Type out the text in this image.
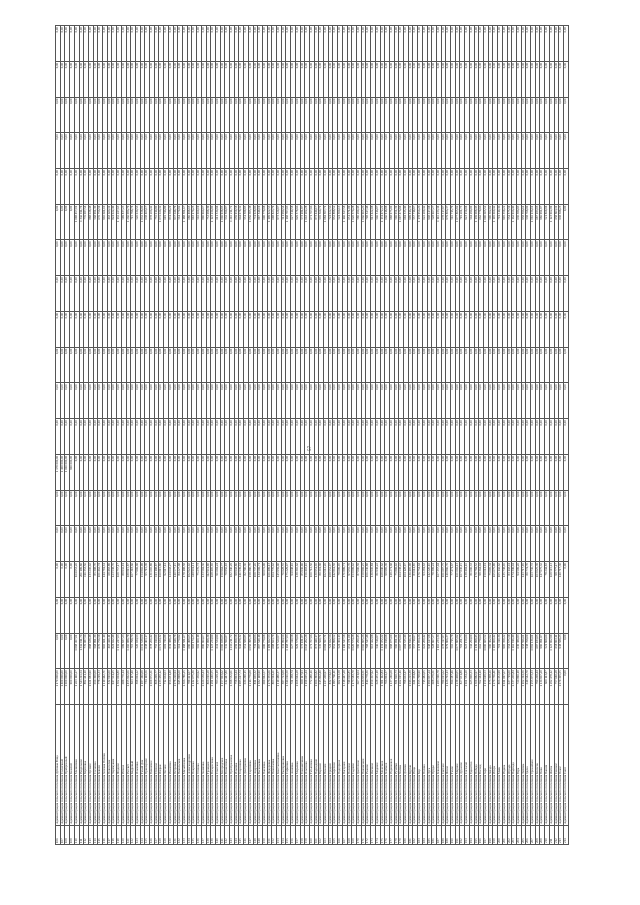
106	Администрация сельского поселения Дубовая Роща	1 170 000,00	0,00	0,00	0,00	0,00	0,00	1 170 000,00	0,00	0,00	0,00	0,00	0,00	0,00	0,00	0,00	0,00	0,00	0,00	0,00
107	Администрация сельского поселения Солнечный	1 400 000,00	0,00	0,00	0,00	0,00	0,00	1 400 000,00	0,00	0,00	0,00	0,00	0,00	0,00	0,00	0,00	0,00	0,00	0,00	0,00
108	Администрация сельского поселения Прибрежный	1 000 000,00	0,00	0,00	0,00	0,00	0,00	1 000 000,00	0,00	0,00	0,00	0,00	0,00	0,00	0,00	0,00	0,00	0,00	0,00	0,00
109	Администрация сельского поселения Казачий	900 000,00	0,00	0,00	0,00	0,00	0,00	900 000,00	0,00	0,00	0,00	0,00	0,00	0,00	0,00	0,00	0,00	0,00	0,00	0,00
110	Администрация сельского поселения Малиновка	1 263 110,27	1 098 457,01	0,00	164 653,26	0,00	0,00	0,00	0,00	0,00	0,00	0,00	0,00	0,00	1 098 457,01	0,00	0,00	0,00	0,00	0,00
111	Администрация сельского поселения Раздольное	1 543 211,54	1 342 011,74	0,00	201 199,80	0,00	0,00	0,00	0,00	0,00	0,00	0,00	0,00	0,00	1 342 011,74	0,00	0,00	0,00	0,00	0,00
112	Администрация сельского поселения Березовка	892 441,10	776 087,54	0,00	116 353,56	0,00	0,00	0,00	0,00	0,00	0,00	0,00	0,00	0,00	776 087,54	0,00	0,00	0,00	0,00	0,00
113	Администрация сельского поселения Луговое	1 021 883,90	888 638,48	0,00	133 245,42	0,00	0,00	0,00	0,00	0,00	0,00	0,00	0,00	0,00	888 638,48	0,00	0,00	0,00	0,00	0,00
114	Администрация сельского поселения Сосновка	654 300,00	568 991,30	0,00	85 308,70	0,00	0,00	0,00	0,00	0,00	0,00	0,00	0,00	0,00	568 991,30	0,00	0,00	0,00	0,00	0,00
115	Администрация сельского поселения Ключи	778 219,33	676 756,59	0,00	101 462,74	0,00	0,00	0,00	0,00	0,00	0,00	0,00	0,00	0,00	676 756,59	0,00	0,00	0,00	0,00	0,00
116	Администрация сельского поселения Зеленая Поляна	1 110 442,71	965 661,10	0,00	144 781,61	0,00	0,00	0,00	0,00	0,00	0,00	0,00	0,00	0,00	965 661,10	0,00	0,00	0,00	0,00	0,00
117	Администрация сельского поселения Новоселки	532 910,00	463 426,11	0,00	69 483,89	0,00	0,00	0,00	0,00	0,00	0,00	0,00	0,00	0,00	463 426,11	0,00	0,00	0,00	0,00	0,00
118	Администрация сельского поселения Черемушки	947 561,25	824 022,49	0,00	123 538,76	0,00	0,00	0,00	0,00	0,00	0,00	0,00	0,00	0,00	824 022,49	0,00	0,00	0,00	0,00	0,00
119	Администрация сельского поселения Ягодное	1 302 004,80	1 132 247,63	0,00	169 757,17	0,00	0,00	0,00	0,00	0,00	0,00	0,00	0,00	0,00	1 132 247,63	0,00	0,00	0,00	0,00	0,00
120	Администрация сельского поселения Речное	689 770,14	599 837,23	0,00	89 932,91	0,00	0,00	0,00	0,00	0,00	0,00	0,00	0,00	0,00	599 837,23	0,00	0,00	0,00	0,00	0,00
121	Администрация сельского поселения Рассвет	1 455 902,66	1 266 086,79	0,00	189 815,87	0,00	0,00	0,00	0,00	0,00	0,00	0,00	0,00	0,00	1 266 086,79	0,00	0,00	0,00	0,00	0,00
122	Администрация сельского поселения Кедровый	823 117,40	715 798,74	0,00	107 318,66	0,00	0,00	0,00	0,00	0,00	0,00	0,00	0,00	0,00	715 798,74	0,00	0,00	0,00	0,00	0,00
123	Администрация сельского поселения Ольховка	598 004,22	520 034,53	0,00	77 969,69	0,00	0,00	0,00	0,00	0,00	0,00	0,00	0,00	0,00	520 034,53	0,00	0,00	0,00	0,00	0,00
124	Администрация сельского поселения Тихий Дон	1 187 340,09	1 032 538,00	0,00	154 802,09	0,00	0,00	0,00	0,00	0,00	0,00	0,00	0,00	0,00	1 032 538,00	0,00	0,00	0,00	0,00	0,00
125	Администрация сельского поселения Приозерное	734 118,56	638 403,17	0,00	95 715,39	0,00	0,00	0,00	0,00	0,00	0,00	0,00	0,00	0,00	638 403,17	0,00	0,00	0,00	0,00	0,00
126	Администрация сельского поселения Вишневое	1 009 872,31	878 206,42	0,00	131 665,89	0,00	0,00	0,00	0,00	0,00	0,00	0,00	0,00	0,00	878 206,42	0,00	0,00	0,00	0,00	0,00
127	Администрация сельского поселения Степное	868 209,77	755 010,90	0,00	113 198,87	0,00	0,00	0,00	0,00	0,00	0,00	0,00	0,00	0,00	755 010,90	0,00	0,00	0,00	0,00	0,00
128	Администрация сельского поселения Озерки	1 233 450,12	1 072 634,32	0,00	160 815,80	0,00	0,00	0,00	0,00	0,00	0,00	0,00	0,00	0,00	1 072 634,32	0,00	0,00	0,00	0,00	0,00
129	Администрация сельского поселения Лесное	712 664,03	619 746,89	0,00	92 917,14	0,00	0,00	0,00	0,00	0,00	0,00	0,00	0,00	0,00	619 746,89	0,00	0,00	0,00	0,00	0,00
130	Администрация сельского поселения Ивановка	956 031,48	831 388,21	0,00	124 643,27	0,00	0,00	0,00	0,00	0,00	0,00	0,00	0,00	0,00	831 388,21	0,00	0,00	0,00	0,00	0,00
131	Администрация сельского поселения Петровка	1 078 226,94	937 649,79	0,00	140 577,15	0,00	0,00	0,00	0,00	0,00	0,00	0,00	0,00	0,00	937 649,79	0,00	0,00	0,00	0,00	0,00
132	Администрация сельского поселения Никольское	645 998,60	561 770,92	0,00	84 227,68	0,00	0,00	0,00	0,00	0,00	0,00	0,00	0,00	0,00	561 770,92	0,00	0,00	0,00	0,00	0,00
133	Администрация сельского поселения Михайловка	1 366 780,25	1 188 581,67	0,00	178 198,58	0,00	0,00	0,00	0,00	0,00	0,00	0,00	0,00	0,00	1 188 581,67	0,00	0,00	0,00	0,00	0,00
134	Администрация сельского поселения Александровка	789 421,07	686 498,65	0,00	102 922,42	0,00	0,00	0,00	0,00	0,00	0,00	0,00	0,00	0,00	686 498,65	0,00	0,00	0,00	0,00	0,00
135	Администрация сельского поселения Покровка	1 142 075,36	993 174,25	0,00	148 901,11	0,00	0,00	0,00	0,00	0,00	0,00	0,00	0,00	0,00	993 174,25	0,00	0,00	0,00	0,00	0,00
136	Администрация сельского поселения Успенка	577 336,92	502 060,19	0,00	75 276,73	0,00	0,00	0,00	0,00	0,00	0,00	0,00	0,00	0,00	502 060,19	0,00	0,00	0,00	0,00	0,00
137	Администрация сельского поселения Знаменка	1 024 558,43	890 964,07	0,00	133 594,36	0,00	0,00	0,00	0,00	0,00	0,00	0,00	0,00	0,00	890 964,07	0,00	0,00	0,00	0,00	0,00
138	Администрация сельского поселения Троицкое	866 010,29	753 098,39	0,00	112 911,90	0,00	0,00	0,00	0,00	0,00	0,00	0,00	0,00	0,00	753 098,39	0,00	0,00	0,00	0,00	0,00
139	Администрация сельского поселения Воскресенка	1 291 640,55	1 123 234,90	0,00	168 405,65	0,00	0,00	0,00	0,00	0,00	0,00	0,00	0,00	0,00	1 123 234,90	0,00	0,00	0,00	0,00	0,00
140	Администрация сельского поселения Спасское	703 229,18	611 534,94	0,00	91 694,24	0,00	0,00	0,00	0,00	0,00	0,00	0,00	0,00	0,00	611 534,94	0,00	0,00	0,00	0,00	0,00
141	Администрация сельского поселения Богородское	1 157 903,62	1 006 938,85	0,00	150 964,77	0,00	0,00	0,00	0,00	0,00	0,00	0,00	0,00	0,00	1 006 938,85	0,00	0,00	0,00	0,00	0,00
142	Администрация сельского поселения Вознесенка	612 447,80	532 590,87	0,00	79 856,93	0,00	0,00	0,00	0,00	0,00	0,00	0,00	0,00	0,00	532 590,87	0,00	0,00	0,00	0,00	0,00
143	Администрация сельского поселения Преображенка	1 398 552,01	1 216 211,72	0,00	182 340,29	0,00	0,00	0,00	0,00	0,00	0,00	0,00	0,00	0,00	1 216 211,72	0,00	0,00	0,00	0,00	0,00
144	Администрация сельского поселения Ильинка	758 903,44	659 959,58	0,00	98 943,86	0,00	0,00	0,00	0,00	0,00	0,00	0,00	0,00	0,00	659 959,58	0,00	0,00	0,00	0,00	0,00
145	Администрация сельского поселения Георгиевка	1 085 617,73	944 078,32	0,00	141 539,41	0,00	0,00	0,00	0,00	0,00	0,00	0,00	0,00	0,00	944 078,32	0,00	0,00	0,00	0,00	0,00
146	Администрация сельского поселения Дмитриевка	634 290,15	551 589,85	0,00	82 700,30	0,00	0,00	0,00	0,00	0,00	0,00	0,00	0,00	0,00	551 589,85	0,00	0,00	0,00	0,00	0,00
147	Администрация сельского поселения Сергиевка	1 214 776,08	1 056 395,38	0,00	158 380,70	0,00	0,00	0,00	0,00	0,00	0,00	0,00	0,00	0,00	1 056 395,38	0,00	0,00	0,00	0,00	0,00
148	Администрация сельского поселения Андреевка	841 665,32	731 928,06	0,00	109 737,26	0,00	0,00	0,00	0,00	0,00	0,00	0,00	0,00	0,00	731 928,06	0,00	0,00	0,00	0,00	0,00
149	Администрация сельского поселения Васильевка	1 032 118,90	897 549,19	0,00	134 569,71	0,00	0,00	0,00	0,00	0,00	0,00	0,00	0,00	0,00	897 549,19	0,00	0,00	0,00	0,00	0,00
150	Администрация сельского поселения Павловка	690 842,57	600 770,08	0,00	90 072,49	0,00	0,00	0,00	0,00	0,00	0,00	0,00	0,00	0,00	600 770,08	0,00	0,00	0,00	0,00	0,00
151	Администрация сельского поселения Федоровка	1 276 331,66	1 109 922,53	0,00	166 409,13	0,00	0,00	0,00	0,00	0,00	0,00	0,00	0,00	0,00	1 109 922,53	0,00	0,00	0,00	0,00	0,00
152	Администрация сельского поселения Николаевка	803 594,21	698 823,79	0,00	104 770,42	0,00	0,00	0,00	0,00	0,00	0,00	0,00	0,00	0,00	698 823,79	0,00	0,00	0,00	0,00	0,00
153	Администрация сельского поселения Константиновка	1 119 480,37	973 520,97	0,00	145 959,40	0,00	0,00	0,00	0,00	0,00	0,00	0,00	0,00	0,00	973 520,97	0,00	0,00	0,00	0,00	0,00
154	Администрация сельского поселения Екатериновка	587 723,09	511 094,54	0,00	76 628,55	0,00	0,00	0,00	0,00	0,00	0,00	0,00	0,00	0,00	511 094,54	0,00	0,00	0,00	0,00	0,00
155	Администрация сельского поселения Софиевка	1 344 016,50	1 168 787,03	0,00	175 229,47	0,00	0,00	0,00	0,00	0,00	0,00	0,00	0,00	0,00	1 168 787,03	0,00	0,00	0,00	0,00	0,00
156	Администрация сельского поселения Анновка	721 358,74	627 310,58	0,00	94 048,16	0,00	0,00	0,00	0,00	0,00	0,00	0,00	0,00	0,00	627 310,58	0,00	0,00	0,00	0,00	0,00
157	Администрация сельского поселения Марьевка	1 068 944,28	929 578,66	0,00	139 365,62	0,00	0,00	0,00	0,00	0,00	0,00	0,00	0,00	0,00	929 578,66	0,00	0,00	0,00	0,00	0,00
158	Администрация сельского поселения Елизаветинка	659 117,93	573 181,87	0,00	85 936,06	0,00	0,00	0,00	0,00	0,00	0,00	0,00	0,00	0,00	573 181,87	0,00	0,00	0,00	0,00	0,00
159	Администрация сельского поселения Ольгинка	1 199 605,44	1 043 202,28	0,00	156 403,16	0,00	0,00	0,00	0,00	0,00	0,00	0,00	0,00	0,00	1 043 202,28	0,00	0,00	0,00	0,00	0,00
160	Администрация сельского поселения Татьяновка	772 480,16	671 767,66	0,00	100 712,50	0,00	0,00	0,00	0,00	0,00	0,00	0,00	0,00	0,00	671 767,66	0,00	0,00	0,00	0,00	0,00
161	Администрация сельского поселения Надеждино	1 004 391,82	873 440,17	0,00	130 951,65	0,00	0,00	0,00	0,00	0,00	0,00	0,00	0,00	0,00	873 440,17	0,00	0,00	0,00	0,00	0,00
162	Администрация сельского поселения Верхнее	615 862,40	535 560,71	0,00	80 301,69	0,00	0,00	0,00	0,00	0,00	0,00	0,00	0,00	0,00	535 560,71	0,00	0,00	0,00	0,00	0,00
163	Администрация сельского поселения Нижнее	1 247 209,97	1 084 597,71	0,00	162 612,26	0,00	0,00	0,00	0,00	0,00	0,00	0,00	0,00	0,00	1 084 597,71	0,00	0,00	0,00	0,00	0,00
164	Администрация сельского поселения Среднее	832 574,63	724 022,56	0,00	108 552,07	0,00	0,00	0,00	0,00	0,00	0,00	0,00	0,00	0,00	724 022,56	0,00	0,00	0,00	0,00	0,00
165	Администрация сельского поселения Заречное	1 095 760,11	952 898,52	0,00	142 861,59	0,00	0,00	0,00	0,00	0,00	0,00	0,00	0,00	0,00	952 898,52	0,00	0,00	0,00	0,00	0,00
166	Администрация сельского поселения Подгорное	602 913,58	524 304,13	0,00	78 609,45	0,00	0,00	0,00	0,00	0,00	0,00	0,00	0,00	0,00	524 304,13	0,00	0,00	0,00	0,00	0,00
167	Администрация сельского поселения Нагорное	1 318 447,29	1 146 547,58	0,00	171 899,71	0,00	0,00	0,00	0,00	0,00	0,00	0,00	0,00	0,00	1 146 547,58	0,00	0,00	0,00	0,00	0,00
168	Администрация сельского поселения Полевое	749 026,85	651 371,09	0,00	97 655,76	0,00	0,00	0,00	0,00	0,00	0,00	0,00	0,00	0,00	651 371,09	0,00	0,00	0,00	0,00	0,00
169	Администрация сельского поселения Садовое	1 173 583,70	1 020 574,28	0,00	153 009,42	0,00	0,00	0,00	0,00	0,00	0,00	0,00	0,00	0,00	1 020 574,28	0,00	0,00	0,00	0,00	0,00
170	Администрация сельского поселения Цветочное	667 291,04	580 290,45	0,00	87 000,59	0,00	0,00	0,00	0,00	0,00	0,00	0,00	0,00	0,00	580 290,45	0,00	0,00	0,00	0,00	0,00
171	Администрация сельского поселения Пшеничное	1 226 934,51	1 066 965,26	0,00	159 969,25	0,00	0,00	0,00	0,00	0,00	0,00	0,00	0,00	0,00	1 066 965,26	0,00	0,00	0,00	0,00	0,00
172	Администрация сельского поселения Ржаное	814 778,36	708 547,48	0,00	106 230,88	0,00	0,00	0,00	0,00	0,00	0,00	0,00	0,00	0,00	708 547,48	0,00	0,00	0,00	0,00	0,00
173	Администрация сельского поселения Овсяное	1 050 367,92	913 422,08	0,00	136 945,84	0,00	0,00	0,00	0,00	0,00	0,00	0,00	0,00	0,00	913 422,08	0,00	0,00	0,00	0,00	0,00
174	Администрация сельского поселения Медовое	628 455,19	546 516,97	0,00	81 938,22	0,00	0,00	0,00	0,00	0,00	0,00	0,00	0,00	0,00	546 516,97	0,00	0,00	0,00	0,00	0,00
175	Администрация сельского поселения Молочное	1 301 112,84	1 131 472,22	0,00	169 640,62	0,00	0,00	0,00	0,00	0,00	0,00	0,00	0,00	0,00	1 131 472,22	0,00	0,00	0,00	0,00	0,00
176	Администрация сельского поселения Хлебное	766 904,37	666 918,98	0,00	99 985,39	0,00	0,00	0,00	0,00	0,00	0,00	0,00	0,00	0,00	666 918,98	0,00	0,00	0,00	0,00	0,00
177	Администрация сельского поселения Родниковое	1 137 246,68	988 975,00	0,00	148 271,68	0,00	0,00	0,00	0,00	0,00	0,00	0,00	0,00	0,00	988 975,00	0,00	0,00	0,00	0,00	0,00
178	Администрация сельского поселения Ручейки	581 920,73	506 051,31	0,00	75 869,42	0,00	0,00	0,00	0,00	0,00	0,00	0,00	0,00	0,00	506 051,31	0,00	0,00	0,00	0,00	0,00
179	Администрация сельского поселения Холмы	1 262 015,16	1 097 476,94	0,00	164 538,22	0,00	0,00	0,00	0,00	0,00	0,00	0,00	0,00	0,00	1 097 476,94	0,00	0,00	0,00	0,00	0,00
180	Администрация сельского поселения Долина	798 663,47	694 535,40	0,00	104 128,07	0,00	0,00	0,00	0,00	0,00	0,00	0,00	0,00	0,00	694 535,40	0,00	0,00	0,00	0,00	0,00
181	Администрация сельского поселения Курган	1 046 221,39	909 816,31	0,00	136 405,08	0,00	0,00	0,00	0,00	0,00	0,00	0,00	0,00	0,00	909 816,31	0,00	0,00	0,00	0,00	0,00
182	Администрация сельского поселения Роща	641 334,82	557 719,97	0,00	83 614,85	0,00	0,00	0,00	0,00	0,00	0,00	0,00	0,00	0,00	557 719,97	0,00	0,00	0,00	0,00	0,00
183	Администрация сельского поселения Бор	1 355 708,90	1 178 954,26	0,00	176 754,64	0,00	0,00	0,00	0,00	0,00	0,00	0,00	0,00	0,00	1 178 954,26	0,00	0,00	0,00	0,00	0,00
184	Администрация сельского поселения Поляна	715 482,05	622 200,42	0,00	93 281,63	0,00	0,00	0,00	0,00	0,00	0,00	0,00	0,00	0,00	622 200,42	0,00	0,00	0,00	0,00	0,00
185	Администрация сельского поселения Луга	1 090 837,24	948 617,08	0,00	142 220,16	0,00	0,00	0,00	0,00	0,00	0,00	0,00	0,00	0,00	948 617,08	0,00	0,00	0,00	0,00	0,00
186	Администрация сельского поселения Пруды	608 276,51	528 967,27	0,00	79 309,24	0,00	0,00	0,00	0,00	0,00	0,00	0,00	0,00	0,00	528 967,27	0,00	0,00	0,00	0,00	0,00
187	Администрация сельского поселения Ключевое	1 283 590,78	1 116 233,34	0,00	167 357,44	0,00	0,00	0,00	0,00	0,00	0,00	0,00	0,00	0,00	1 116 233,34	0,00	0,00	0,00	0,00	0,00
188	Администрация сельского поселения Светлое	780 015,62	678 317,87	0,00	101 697,75	0,00	0,00	0,00	0,00	0,00	0,00	0,00	0,00	0,00	678 317,87	0,00	0,00	0,00	0,00	0,00
189	Администрация сельского поселения Ясное	1 126 703,13	979 806,37	0,00	146 896,76	0,00	0,00	0,00	0,00	0,00	0,00	0,00	0,00	0,00	979 806,37	0,00	0,00	0,00	0,00	0,00
190	Администрация сельского поселения Тихое	594 187,46	516 715,79	0,00	77 471,67	0,00	0,00	0,00	0,00	0,00	0,00	0,00	0,00	0,00	516 715,79	0,00	0,00	0,00	0,00	0,00
191	Администрация сельского поселения Мирное	1 239 468,05	1 077 865,92	0,00	161 602,13	0,00	0,00	0,00	0,00	0,00	0,00	0,00	0,00	0,00	1 077 865,92	0,00	0,00	0,00	0,00	0,00
192	Администрация сельского поселения Дружное	827 031,88	719 201,73	0,00	107 830,15	0,00	0,00	0,00	0,00	0,00	0,00	0,00	0,00	0,00	719 201,73	0,00	0,00	0,00	0,00	0,00
193	Администрация сельского поселения Согласие	1 061 554,20	923 150,04	0,00	138 404,16	0,00	0,00	0,00	0,00	0,00	0,00	0,00	0,00	0,00	923 150,04	0,00	0,00	0,00	0,00	0,00
194	Администрация сельского поселения Единство	625 900,33	544 294,00	0,00	81 606,33	0,00	0,00	0,00	0,00	0,00	0,00	0,00	0,00	0,00	544 294,00	0,00	0,00	0,00	0,00	0,00
195	Администрация сельского поселения Победа	1 309 882,97	1 139 098,45	0,00	170 784,52	0,00	0,00	0,00	0,00	0,00	0,00	0,00	0,00	0,00	1 139 098,45	0,00	0,00	0,00	0,00	0,00
196	Администрация сельского поселения Восход	762 144,10	662 779,66	0,00	99 364,44	0,00	0,00	0,00	0,00	0,00	0,00	0,00	0,00	0,00	662 779,66	0,00	0,00	0,00	0,00	0,00
197	Администрация сельского поселения Заря	1 150 619,53	1 000 605,52	0,00	150 014,01	0,00	0,00	0,00	0,00	0,00	0,00	0,00	0,00	0,00	1 000 605,52	0,00	0,00	0,00	0,00	0,00
198	Администрация сельского поселения Звезда	575 308,26	500 302,92	0,00	75 005,34	0,00	0,00	0,00	0,00	0,00	0,00	0,00	0,00	0,00	500 302,92	0,00	0,00	0,00	0,00	0,00
199	Администрация сельского поселения Искра	1 270 736,41	1 105 060,42	0,00	165 675,99	0,00	0,00	0,00	0,00	0,00	0,00	0,00	0,00	0,00	1 105 060,42	0,00	0,00	0,00	0,00	0,00
200	Администрация сельского поселения Маяк	806 452,98	701 310,36	0,00	105 142,62	0,00	0,00	0,00	0,00	0,00	0,00	0,00	0,00	0,00	701 310,36	0,00	0,00	0,00	0,00	0,00
201	Администрация сельского поселения Родина	1 041 097,67	905 359,22	0,00	135 738,45	0,00	0,00	0,00	0,00	0,00	0,00	0,00	0,00	0,00	905 359,22	0,00	0,00	0,00	0,00	0,00
202	Администрация сельского поселения Отрада	637 719,00	554 575,59	0,00	83 143,41	0,00	0,00	0,00	0,00	0,00	0,00	0,00	0,00	0,00	554 575,59	0,00	0,00	0,00	0,00	0,00
203	Администрация сельского поселения Надежда	1 337 265,84	1 162 916,40	0,00	174 349,44	0,00	0,00	0,00	0,00	0,00	0,00	0,00	0,00	0,00	1 162 916,40	0,00	0,00	0,00	0,00	0,00
204	Администрация сельского поселения Вера	724 896,19	630 386,93	0,00	94 509,26	0,00	0,00	0,00	0,00	0,00	0,00	0,00	0,00	0,00	630 386,93	0,00	0,00	0,00	0,00	0,00
205	Администрация сельского поселения Любовь	1 102 314,56	958 596,61	0,00	143 717,95	0,00	0,00	0,00	0,00	0,00	0,00	0,00	0,00	0,00	958 596,61	0,00	0,00	0,00	0,00	0,00
206	Администрация сельского поселения Удача	619 542,70	538 768,00	0,00	80 774,70	0,00	0,00	0,00	0,00	0,00	0,00	0,00	0,00	0,00	538 768,00	0,00	0,00	0,00	0,00	0,00
207	Администрация сельского поселения Урожайное	1 255 873,33	1 092 136,61	0,00	163 736,72	0,00	0,00	0,00	0,00	0,00	0,00	0,00	0,00	0,00	1 092 136,61	0,00	0,00	0,00	0,00	0,00
208	Администрация сельского поселения Колосок	790 208,44	687 183,05	0,00	103 025,39	0,00	0,00	0,00	0,00	0,00	0,00	0,00	0,00	0,00	687 183,05	0,00	0,00	0,00	0,00	0,00
209	Администрация сельского поселения Нива	1 134 967,29	986 991,97	0,00	147 975,32	0,00	0,00	0,00	0,00	0,00	0,00	0,00	0,00	0,00	986 991,97	0,00	0,00	0,00	0,00	0,00
210	Администрация сельского поселения Пашня	600 113,87	521 869,04	0,00	78 244,83	0,00	0,00	0,00	0,00	0,00	0,00	0,00	0,00	0,00	521 869,04	0,00	0,00	0,00	0,00	0,00
211	Администрация сельского поселения Жатва	1 292 478,12	1 123 962,99	0,00	168 515,13	0,00	0,00	0,00	0,00	0,00	0,00	0,00	0,00	0,00	1 123 962,99	0,00	0,00	0,00	0,00	0,00
212	Администрация сельского поселения Сенокос	757 640,28	658 863,11	0,00	98 777,17	0,00	0,00	0,00	0,00	0,00	0,00	0,00	0,00	0,00	658 863,11	0,00	0,00	0,00	0,00	0,00
213	Администрация сельского поселения Покос	1 079 305,55	938 588,25	0,00	140 717,30	0,00	0,00	0,00	0,00	0,00	0,00	0,00	0,00	0,00	938 588,25	0,00	0,00	0,00	0,00	0,00
214	Администрация сельского поселения Сноп	0,00	0,00	0,00	0,00	0,00	0,00	0,00	0,00	0,00	0,00	0,00	0,00	0,00	0,00	0,00	0,00	0,00	0,00	0,00
57
